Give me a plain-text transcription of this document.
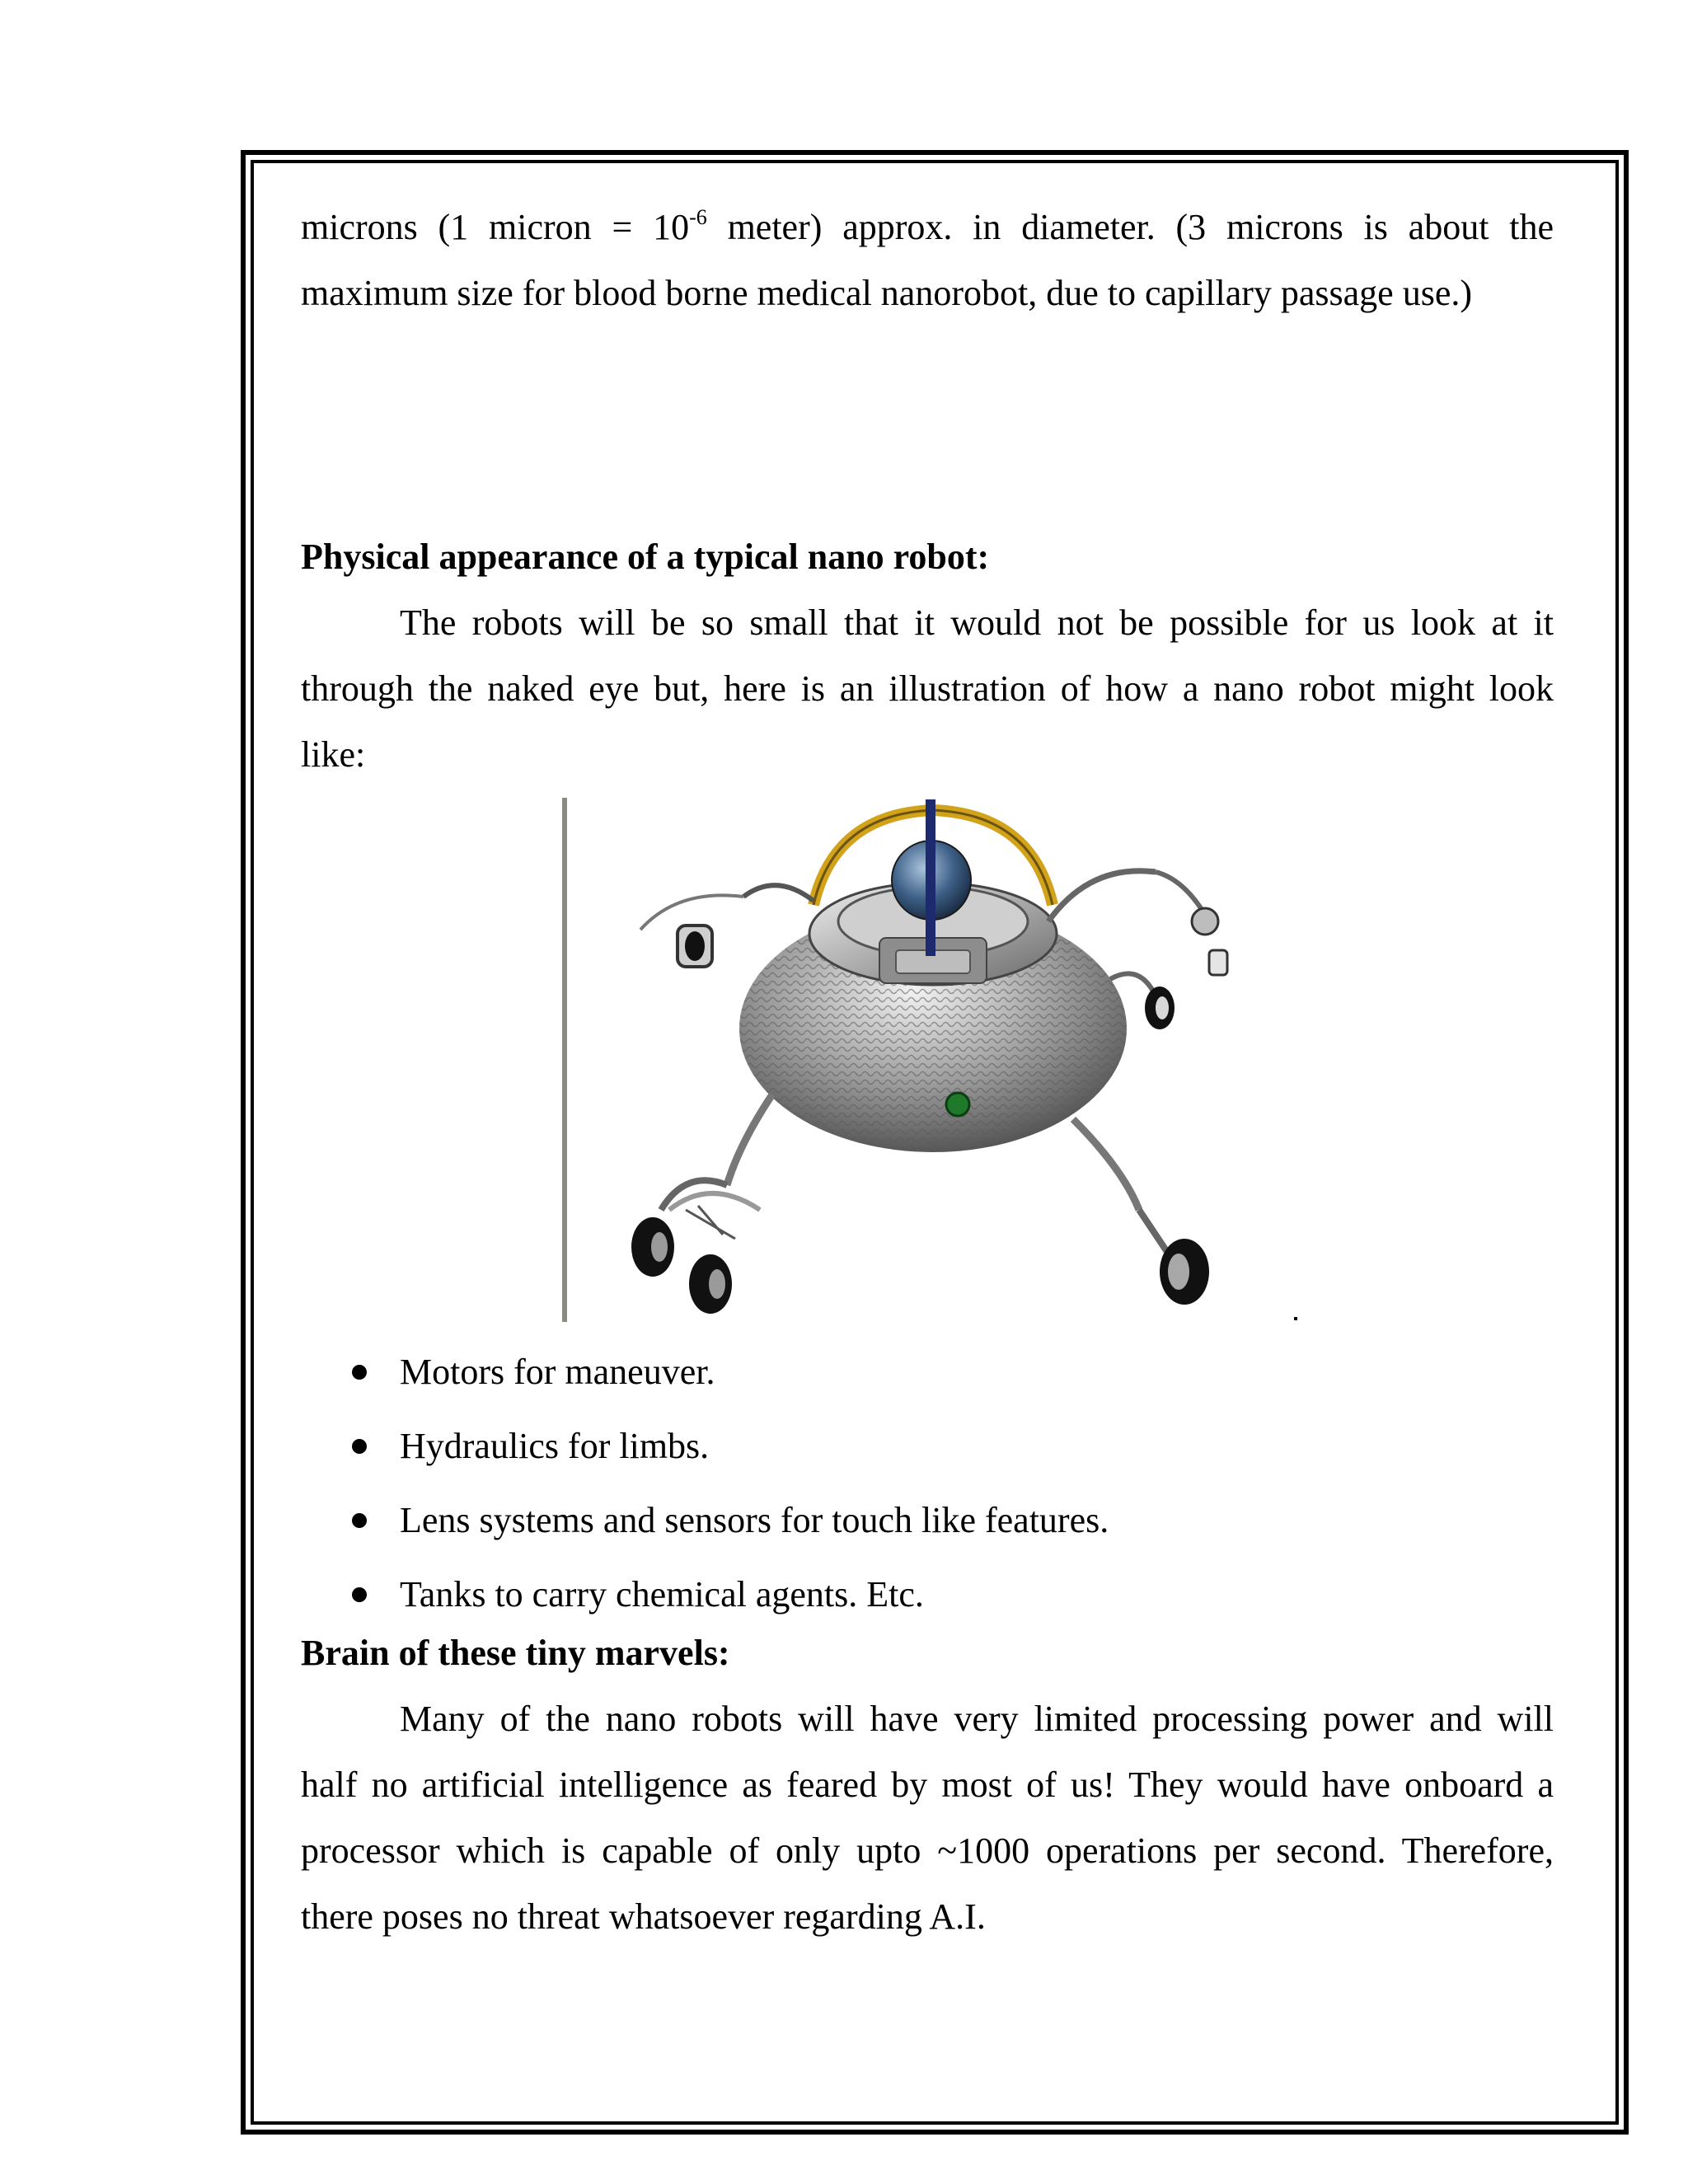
microns (1 micron = $10^{-6}$ meter) approx. in diameter. (3 microns is about the

maximum size for blood borne medical nanorobot, due to capillary passage use.)

Physical appearance of a typical nano robot:

The robots will be so small that it would not be possible for us look at it

through the naked eye but, here is an illustration of how a nano robot might look

like:

Brain of these tiny marvels:

Many of the nano robots will have very limited processing power and will

half no artificial intelligence as feared by most of us! They would have onboard a

processor which is capable of only upto ~1000 operations per second. Therefore,

there poses no threat whatsoever regarding A.I.

Motors for maneuver.
Hydraulics for limbs.
Lens systems and sensors for touch like features.
Tanks to carry chemical agents. Etc.
